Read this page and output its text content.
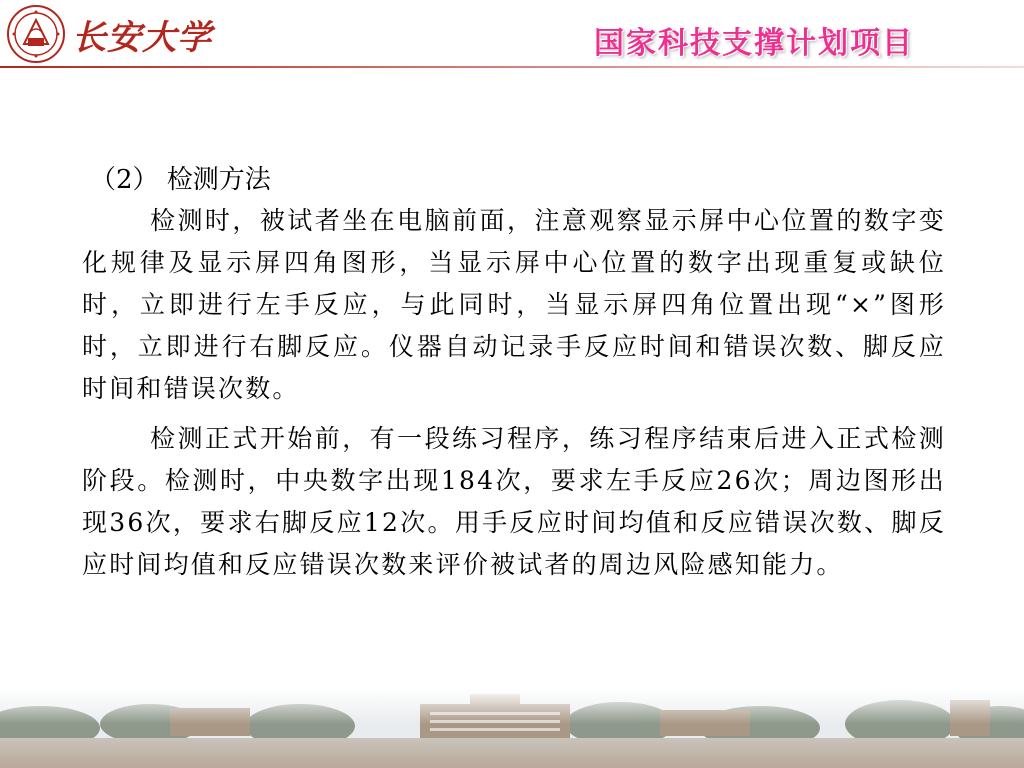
长安大学	国家科技支撑计划项目
（2） 检测方法

检测时，被试者坐在电脑前面，注意观察显示屏中心位置的数字变化规律及显示屏四角图形，当显示屏中心位置的数字出现重复或缺位时，立即进行左手反应，与此同时，当显示屏四角位置出现“×”图形时，立即进行右脚反应。仪器自动记录手反应时间和错误次数、脚反应时间和错误次数。

检测正式开始前，有一段练习程序，练习程序结束后进入正式检测阶段。检测时，中央数字出现184次，要求左手反应26次；周边图形出现36次，要求右脚反应12次。用手反应时间均值和反应错误次数、脚反应时间均值和反应错误次数来评价被试者的周边风险感知能力。
